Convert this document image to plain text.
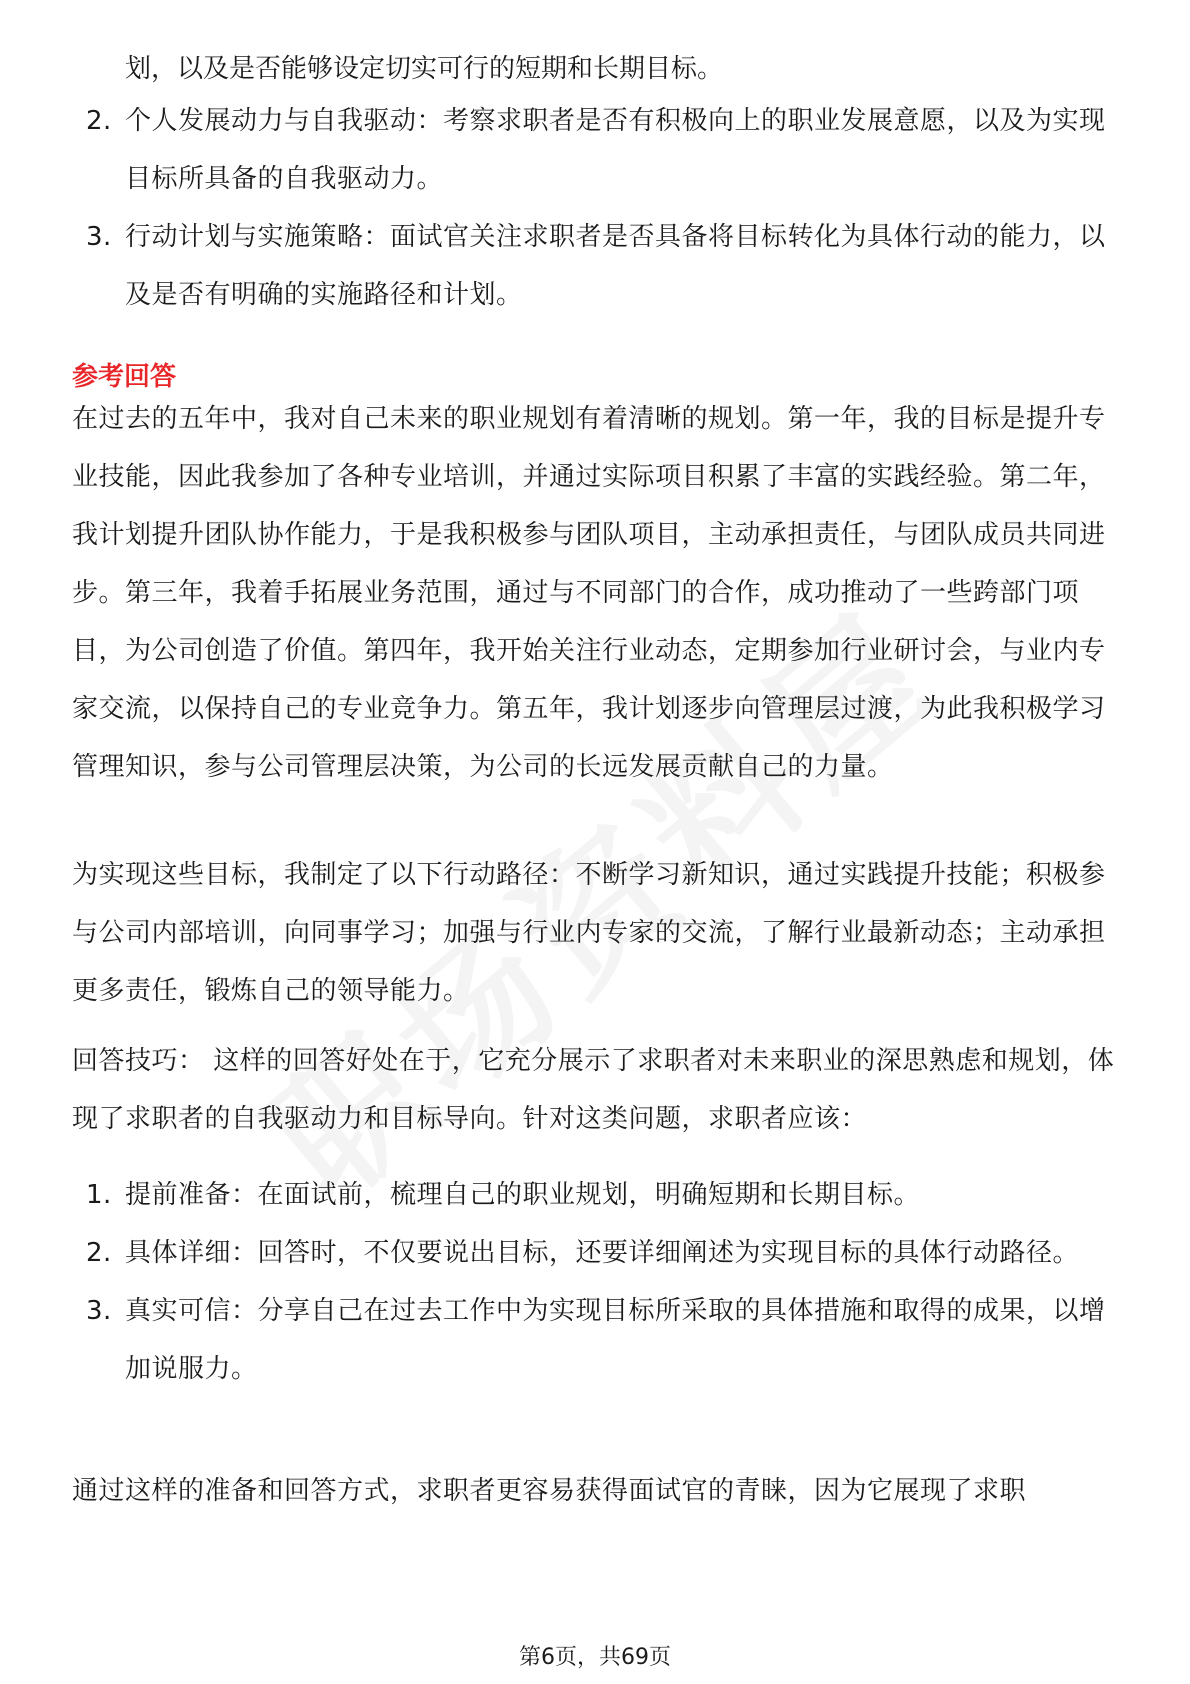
划，以及是否能够设定切实可行的短期和长期目标。
2. 个人发展动力与自我驱动：考察求职者是否有积极向上的职业发展意愿，以及为实现目标所具备的自我驱动力。
3. 行动计划与实施策略：面试官关注求职者是否具备将目标转化为具体行动的能力，以及是否有明确的实施路径和计划。
参考回答
在过去的五年中，我对自己未来的职业规划有着清晰的规划。第一年，我的目标是提升专业技能，因此我参加了各种专业培训，并通过实际项目积累了丰富的实践经验。第二年，我计划提升团队协作能力，于是我积极参与团队项目，主动承担责任，与团队成员共同进步。第三年，我着手拓展业务范围，通过与不同部门的合作，成功推动了一些跨部门项目，为公司创造了价值。第四年，我开始关注行业动态，定期参加行业研讨会，与业内专家交流，以保持自己的专业竞争力。第五年，我计划逐步向管理层过渡，为此我积极学习管理知识，参与公司管理层决策，为公司的长远发展贡献自己的力量。
为实现这些目标，我制定了以下行动路径：不断学习新知识，通过实践提升技能；积极参与公司内部培训，向同事学习；加强与行业内专家的交流，了解行业最新动态；主动承担更多责任，锻炼自己的领导能力。
回答技巧： 这样的回答好处在于，它充分展示了求职者对未来职业的深思熟虑和规划，体现了求职者的自我驱动力和目标导向。针对这类问题，求职者应该：
1. 提前准备：在面试前，梳理自己的职业规划，明确短期和长期目标。
2. 具体详细：回答时，不仅要说出目标，还要详细阐述为实现目标的具体行动路径。
3. 真实可信：分享自己在过去工作中为实现目标所采取的具体措施和取得的成果，以增加说服力。
通过这样的准备和回答方式，求职者更容易获得面试官的青睐，因为它展现了求职
第6页，共69页
